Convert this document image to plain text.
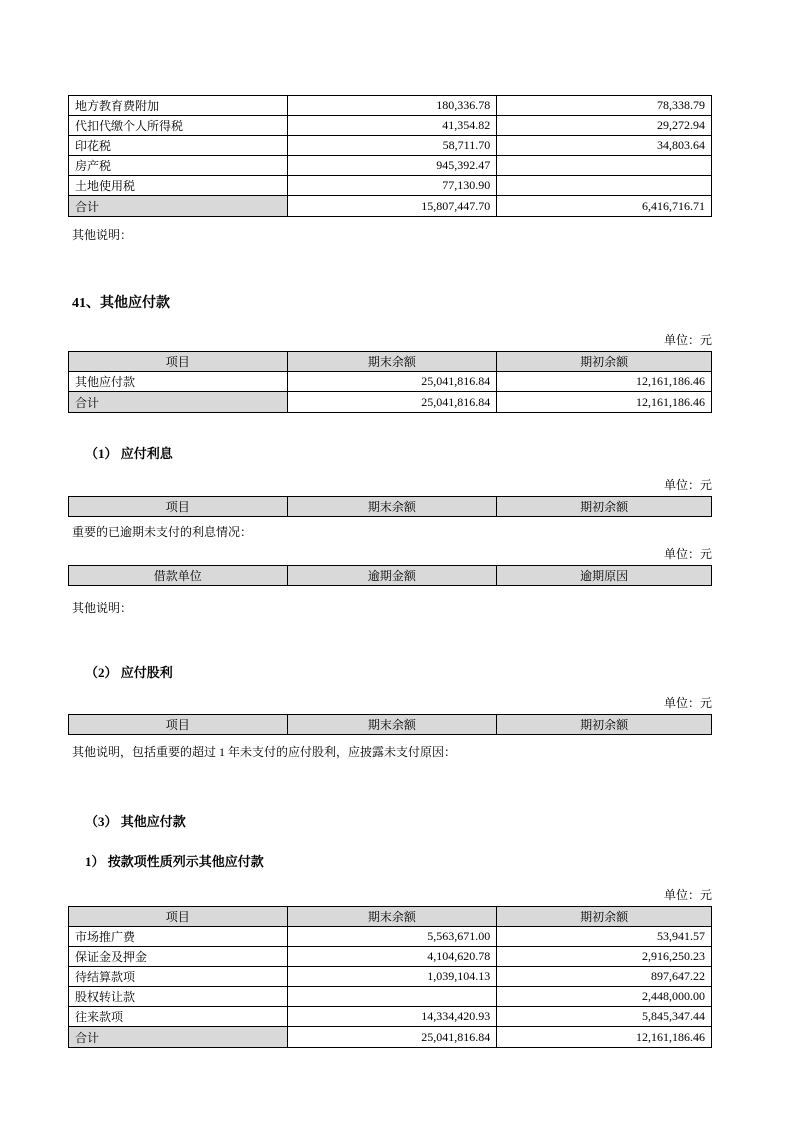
地方教育费附加	180,336.78	78,338.79
代扣代缴个人所得税	41,354.82	29,272.94
印花税	58,711.70	34,803.64
房产税	945,392.47	
土地使用税	77,130.90	
合计	15,807,447.70	6,416,716.71
其他说明：
41、其他应付款
单位：元
项目	期末余额	期初余额
其他应付款	25,041,816.84	12,161,186.46
合计	25,041,816.84	12,161,186.46
（1） 应付利息
单位：元
项目	期末余额	期初余额
重要的已逾期未支付的利息情况：
单位：元
借款单位	逾期金额	逾期原因
其他说明：
（2） 应付股利
单位：元
项目	期末余额	期初余额
其他说明，包括重要的超过 1 年未支付的应付股利，应披露未支付原因：
（3） 其他应付款
1） 按款项性质列示其他应付款
单位：元
项目	期末余额	期初余额
市场推广费	5,563,671.00	53,941.57
保证金及押金	4,104,620.78	2,916,250.23
待结算款项	1,039,104.13	897,647.22
股权转让款		2,448,000.00
往来款项	14,334,420.93	5,845,347.44
合计	25,041,816.84	12,161,186.46
